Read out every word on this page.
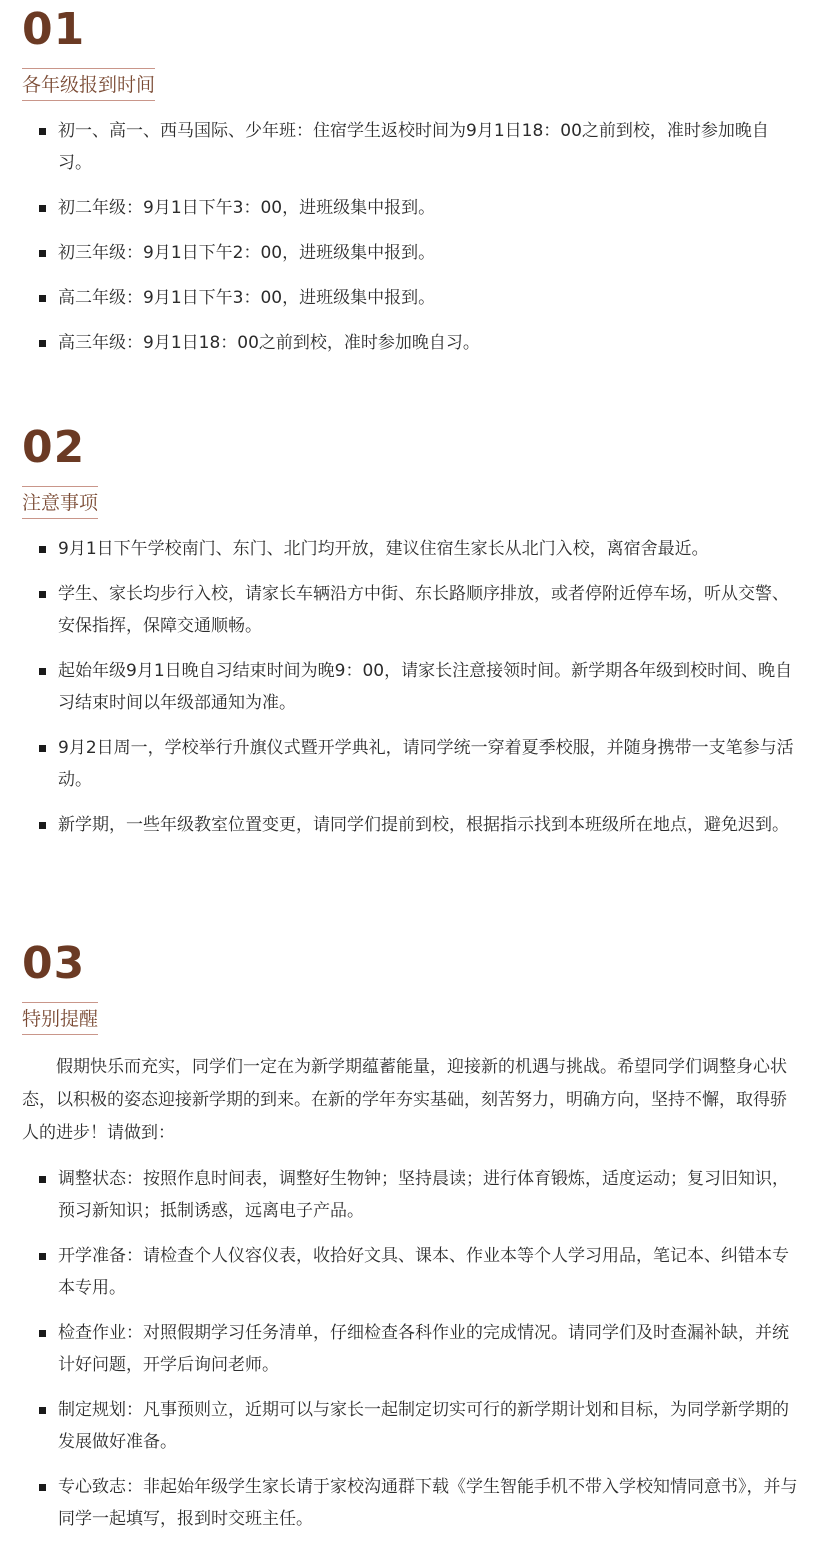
01
各年级报到时间
初一、高一、西马国际、少年班：住宿学生返校时间为9月1日18：00之前到校，准时参加晚自习。
初二年级：9月1日下午3：00，进班级集中报到。
初三年级：9月1日下午2：00，进班级集中报到。
高二年级：9月1日下午3：00，进班级集中报到。
高三年级：9月1日18：00之前到校，准时参加晚自习。
02
注意事项
9月1日下午学校南门、东门、北门均开放，建议住宿生家长从北门入校，离宿舍最近。
学生、家长均步行入校，请家长车辆沿方中街、东长路顺序排放，或者停附近停车场，听从交警、安保指挥，保障交通顺畅。
起始年级9月1日晚自习结束时间为晚9：00，请家长注意接领时间。新学期各年级到校时间、晚自习结束时间以年级部通知为准。
9月2日周一，学校举行升旗仪式暨开学典礼，请同学统一穿着夏季校服，并随身携带一支笔参与活动。
新学期，一些年级教室位置变更，请同学们提前到校，根据指示找到本班级所在地点，避免迟到。
03
特别提醒

假期快乐而充实，同学们一定在为新学期蕴蓄能量，迎接新的机遇与挑战。希望同学们调整身心状态，以积极的姿态迎接新学期的到来。在新的学年夯实基础，刻苦努力，明确方向，坚持不懈，取得骄人的进步！请做到：

调整状态：按照作息时间表，调整好生物钟；坚持晨读；进行体育锻炼，适度运动；复习旧知识，预习新知识；抵制诱惑，远离电子产品。
开学准备：请检查个人仪容仪表，收拾好文具、课本、作业本等个人学习用品，笔记本、纠错本专本专用。
检查作业：对照假期学习任务清单，仔细检查各科作业的完成情况。请同学们及时查漏补缺，并统计好问题，开学后询问老师。
制定规划：凡事预则立，近期可以与家长一起制定切实可行的新学期计划和目标，为同学新学期的发展做好准备。
专心致志：非起始年级学生家长请于家校沟通群下载《学生智能手机不带入学校知情同意书》，并与同学一起填写，报到时交班主任。
